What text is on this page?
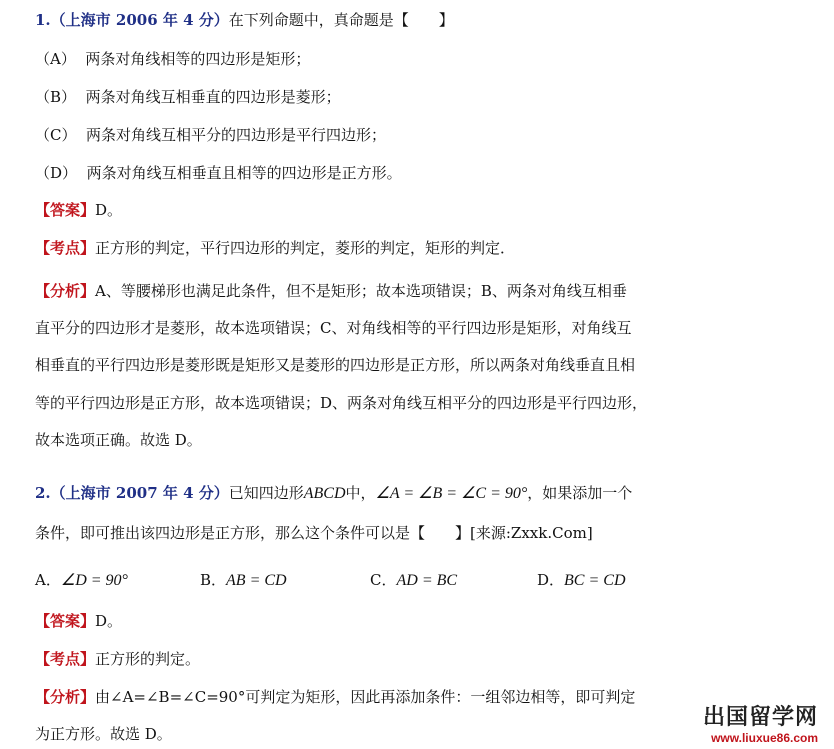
1.（上海市 2006 年 4 分）在下列命题中，真命题是【　　】
（A） 两条对角线相等的四边形是矩形；
（B） 两条对角线互相垂直的四边形是菱形；
（C） 两条对角线互相平分的四边形是平行四边形；
（D） 两条对角线互相垂直且相等的四边形是正方形。
【答案】D。
【考点】正方形的判定，平行四边形的判定，菱形的判定，矩形的判定．
【分析】A、等腰梯形也满足此条件，但不是矩形；故本选项错误；B、两条对角线互相垂
直平分的四边形才是菱形，故本选项错误；C、对角线相等的平行四边形是矩形，对角线互
相垂直的平行四边形是菱形既是矩形又是菱形的四边形是正方形，所以两条对角线垂直且相
等的平行四边形是正方形，故本选项错误；D、两条对角线互相平分的四边形是平行四边形，
故本选项正确。故选 D。
2.（上海市 2007 年 4 分）已知四边形ABCD中，∠A = ∠B = ∠C = 90°，如果添加一个
条件，即可推出该四边形是正方形，那么这个条件可以是【　　】[来源:Zxxk.Com]
A．∠D = 90°	B．AB = CD	C．AD = BC	D．BC = CD
【答案】D。
【考点】正方形的判定。
【分析】由∠A=∠B=∠C=90°可判定为矩形，因此再添加条件：一组邻边相等，即可判定
为正方形。故选 D。
出国留学网
www.liuxue86.com
